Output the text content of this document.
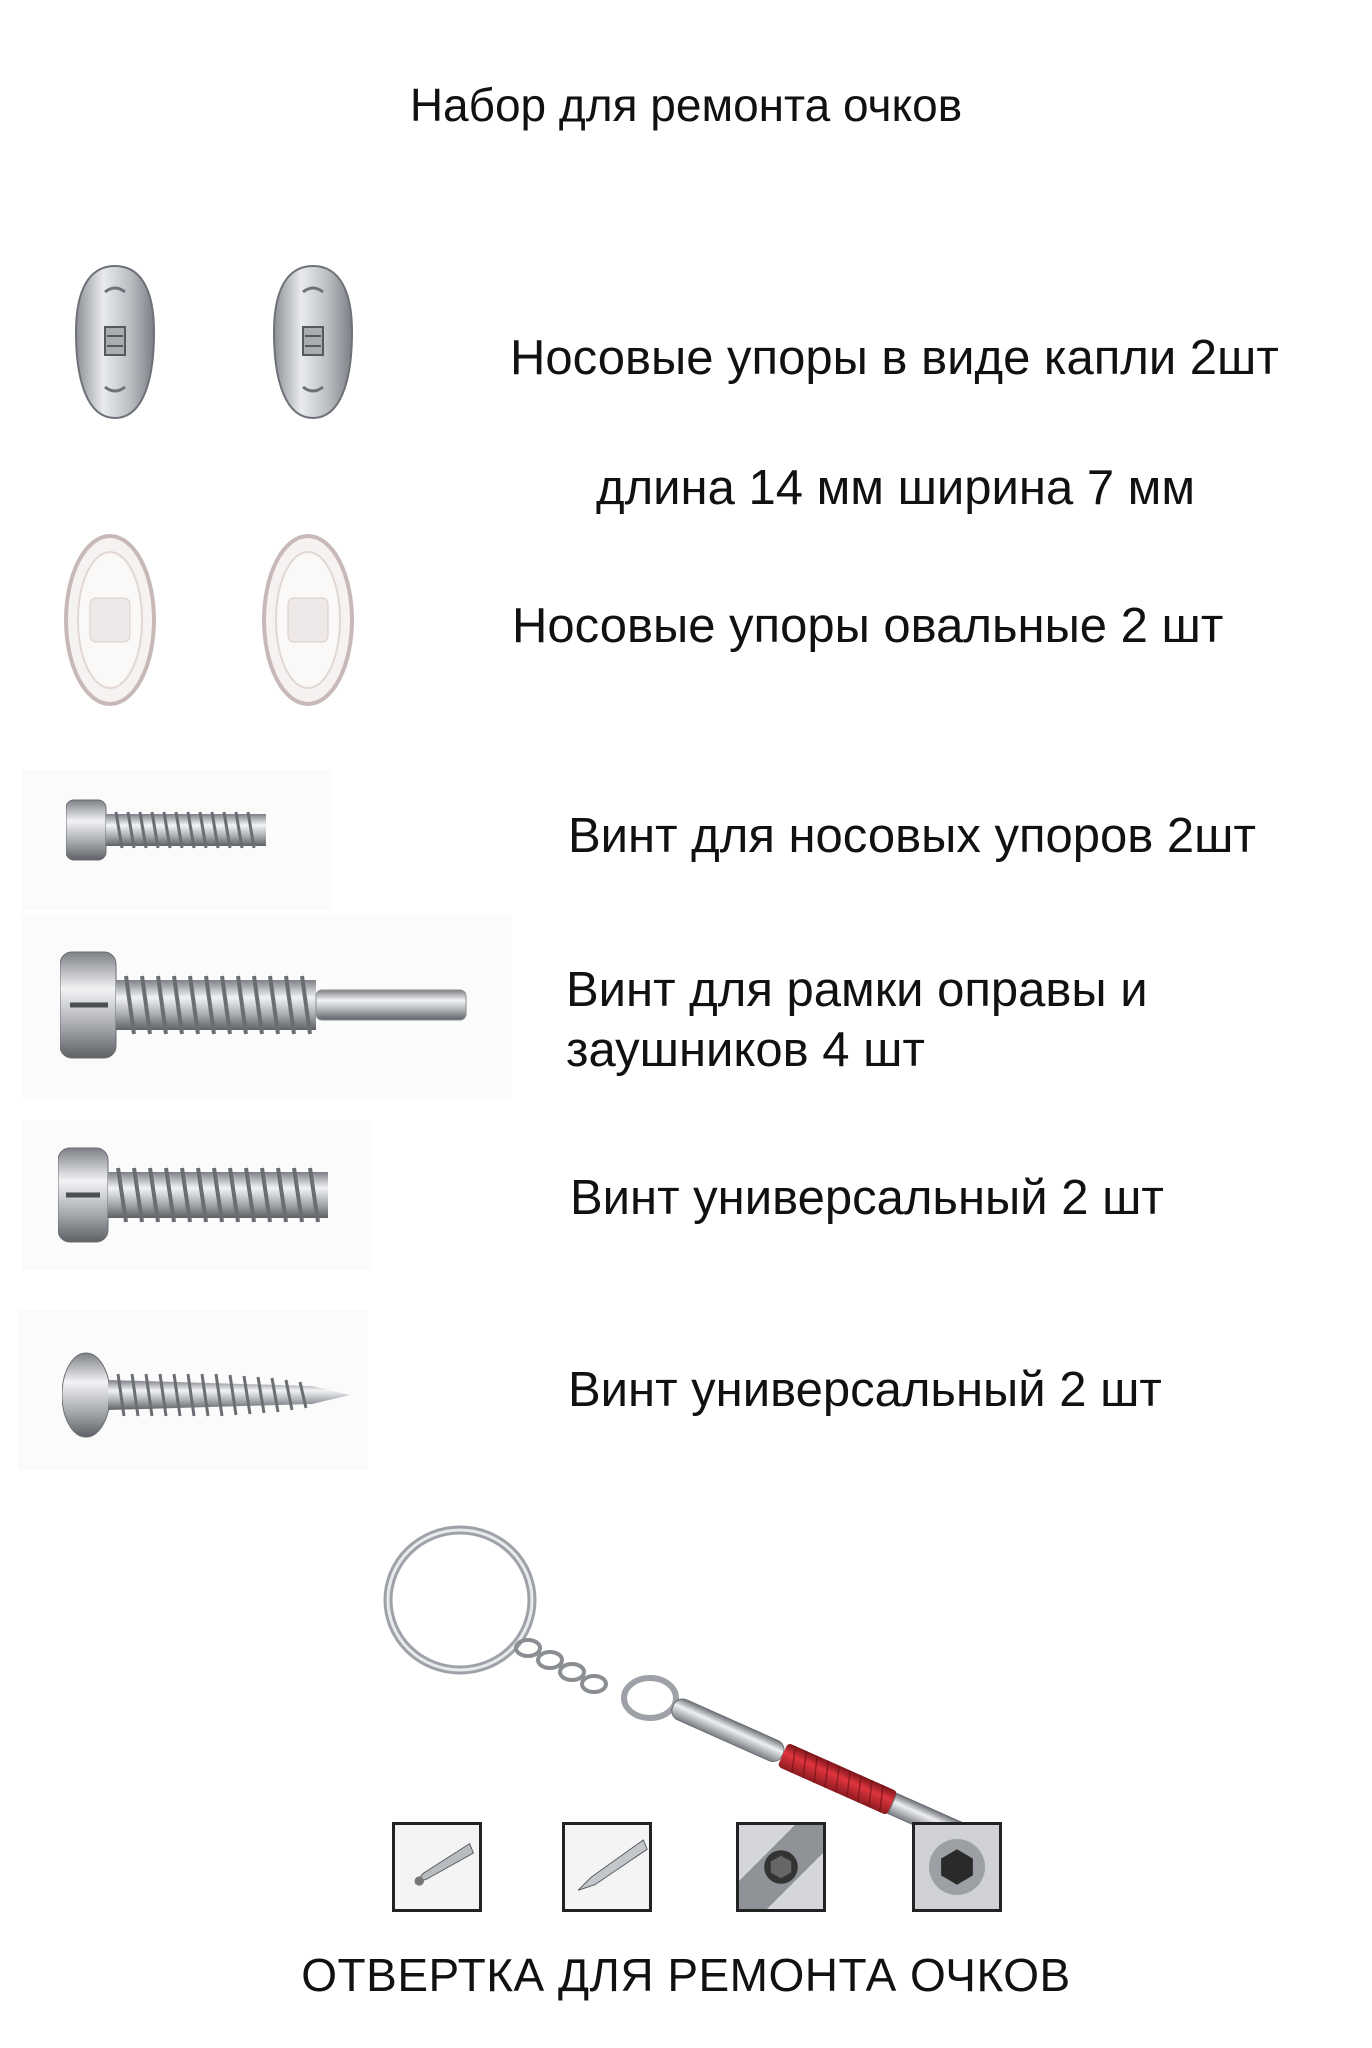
Набор для ремонта очков
Носовые упоры в виде капли 2шт
длина 14 мм ширина 7 мм
Носовые упоры овальные 2 шт
Винт для носовых упоров 2шт
Винт для рамки оправы и заушников 4 шт
Винт универсальный 2 шт
Винт универсальный 2 шт
ОТВЕРТКА ДЛЯ РЕМОНТА ОЧКОВ
